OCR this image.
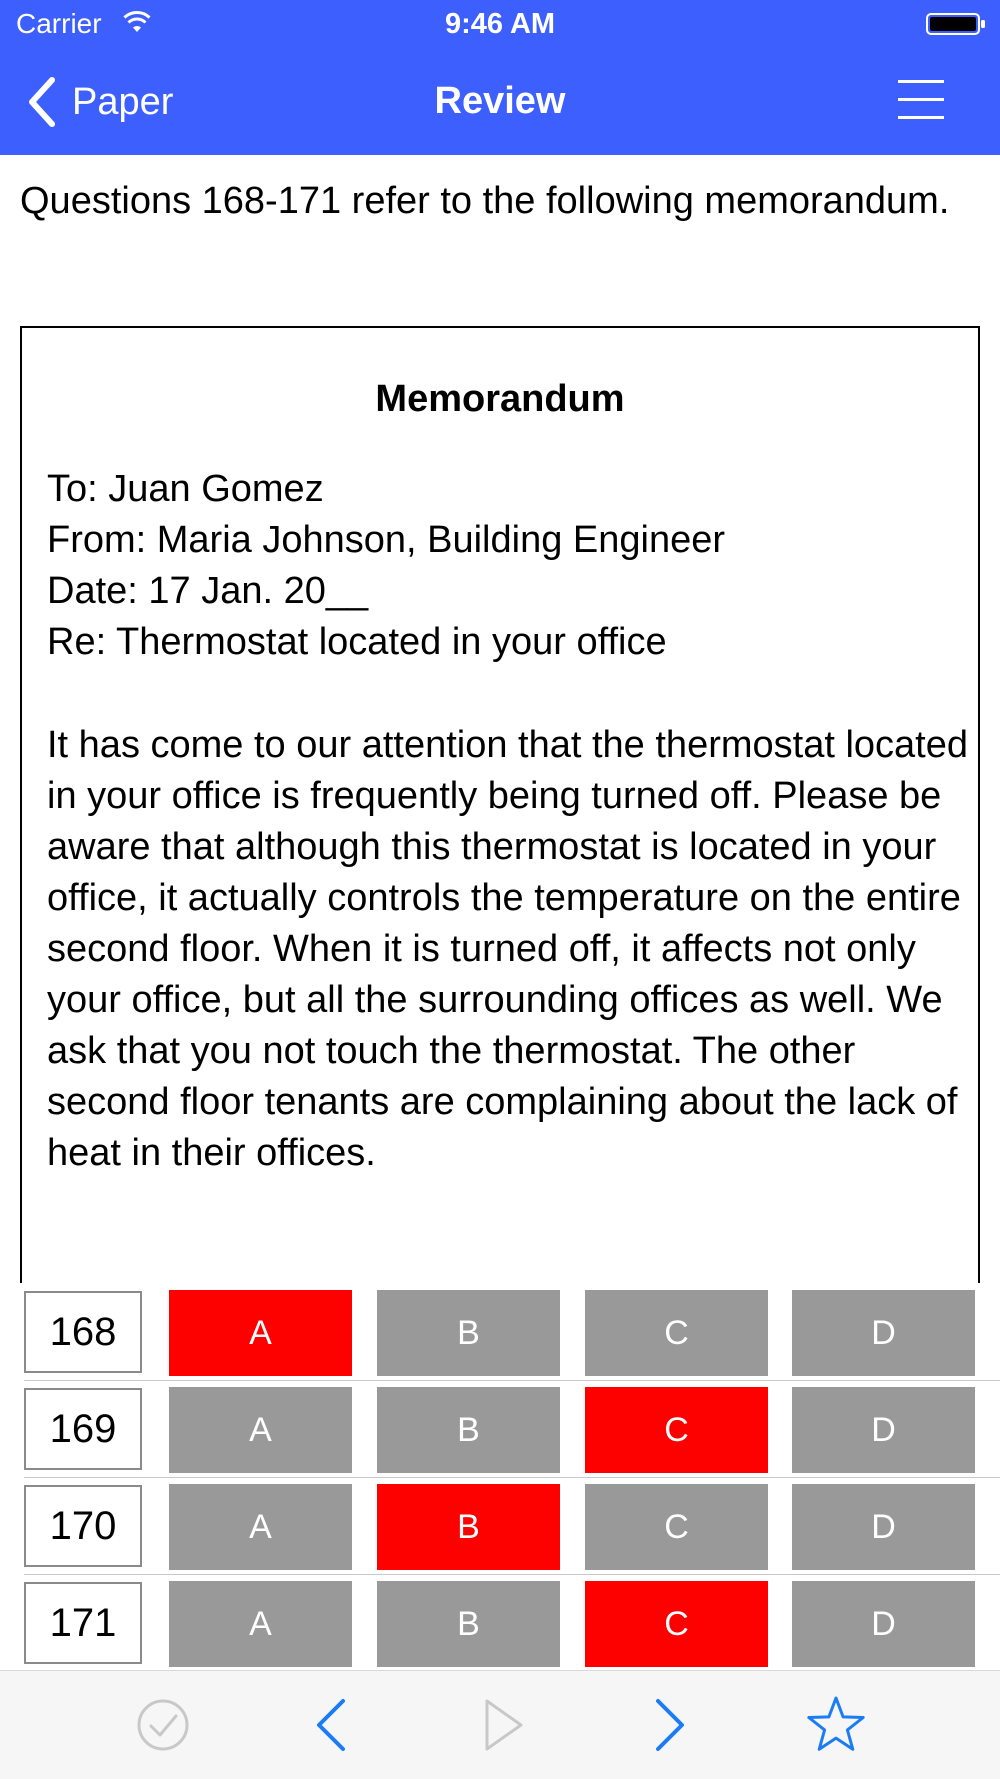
Carrier	9:46 AM
Paper	Review
Questions 168-171 refer to the following memorandum.
Memorandum
To: Juan Gomez
From: Maria Johnson, Building Engineer
Date: 17 Jan. 20__
Re: Thermostat located in your office
It has come to our attention that the thermostat located in your office is frequently being turned off. Please be aware that although this thermostat is located in your office, it actually controls the temperature on the entire second floor. When it is turned off, it affects not only your office, but all the surrounding offices as well. We ask that you not touch the thermostat. The other second floor tenants are complaining about the lack of heat in their offices.
168	A	B	C	D
169	A	B	C	D
170	A	B	C	D
171	A	B	C	D
